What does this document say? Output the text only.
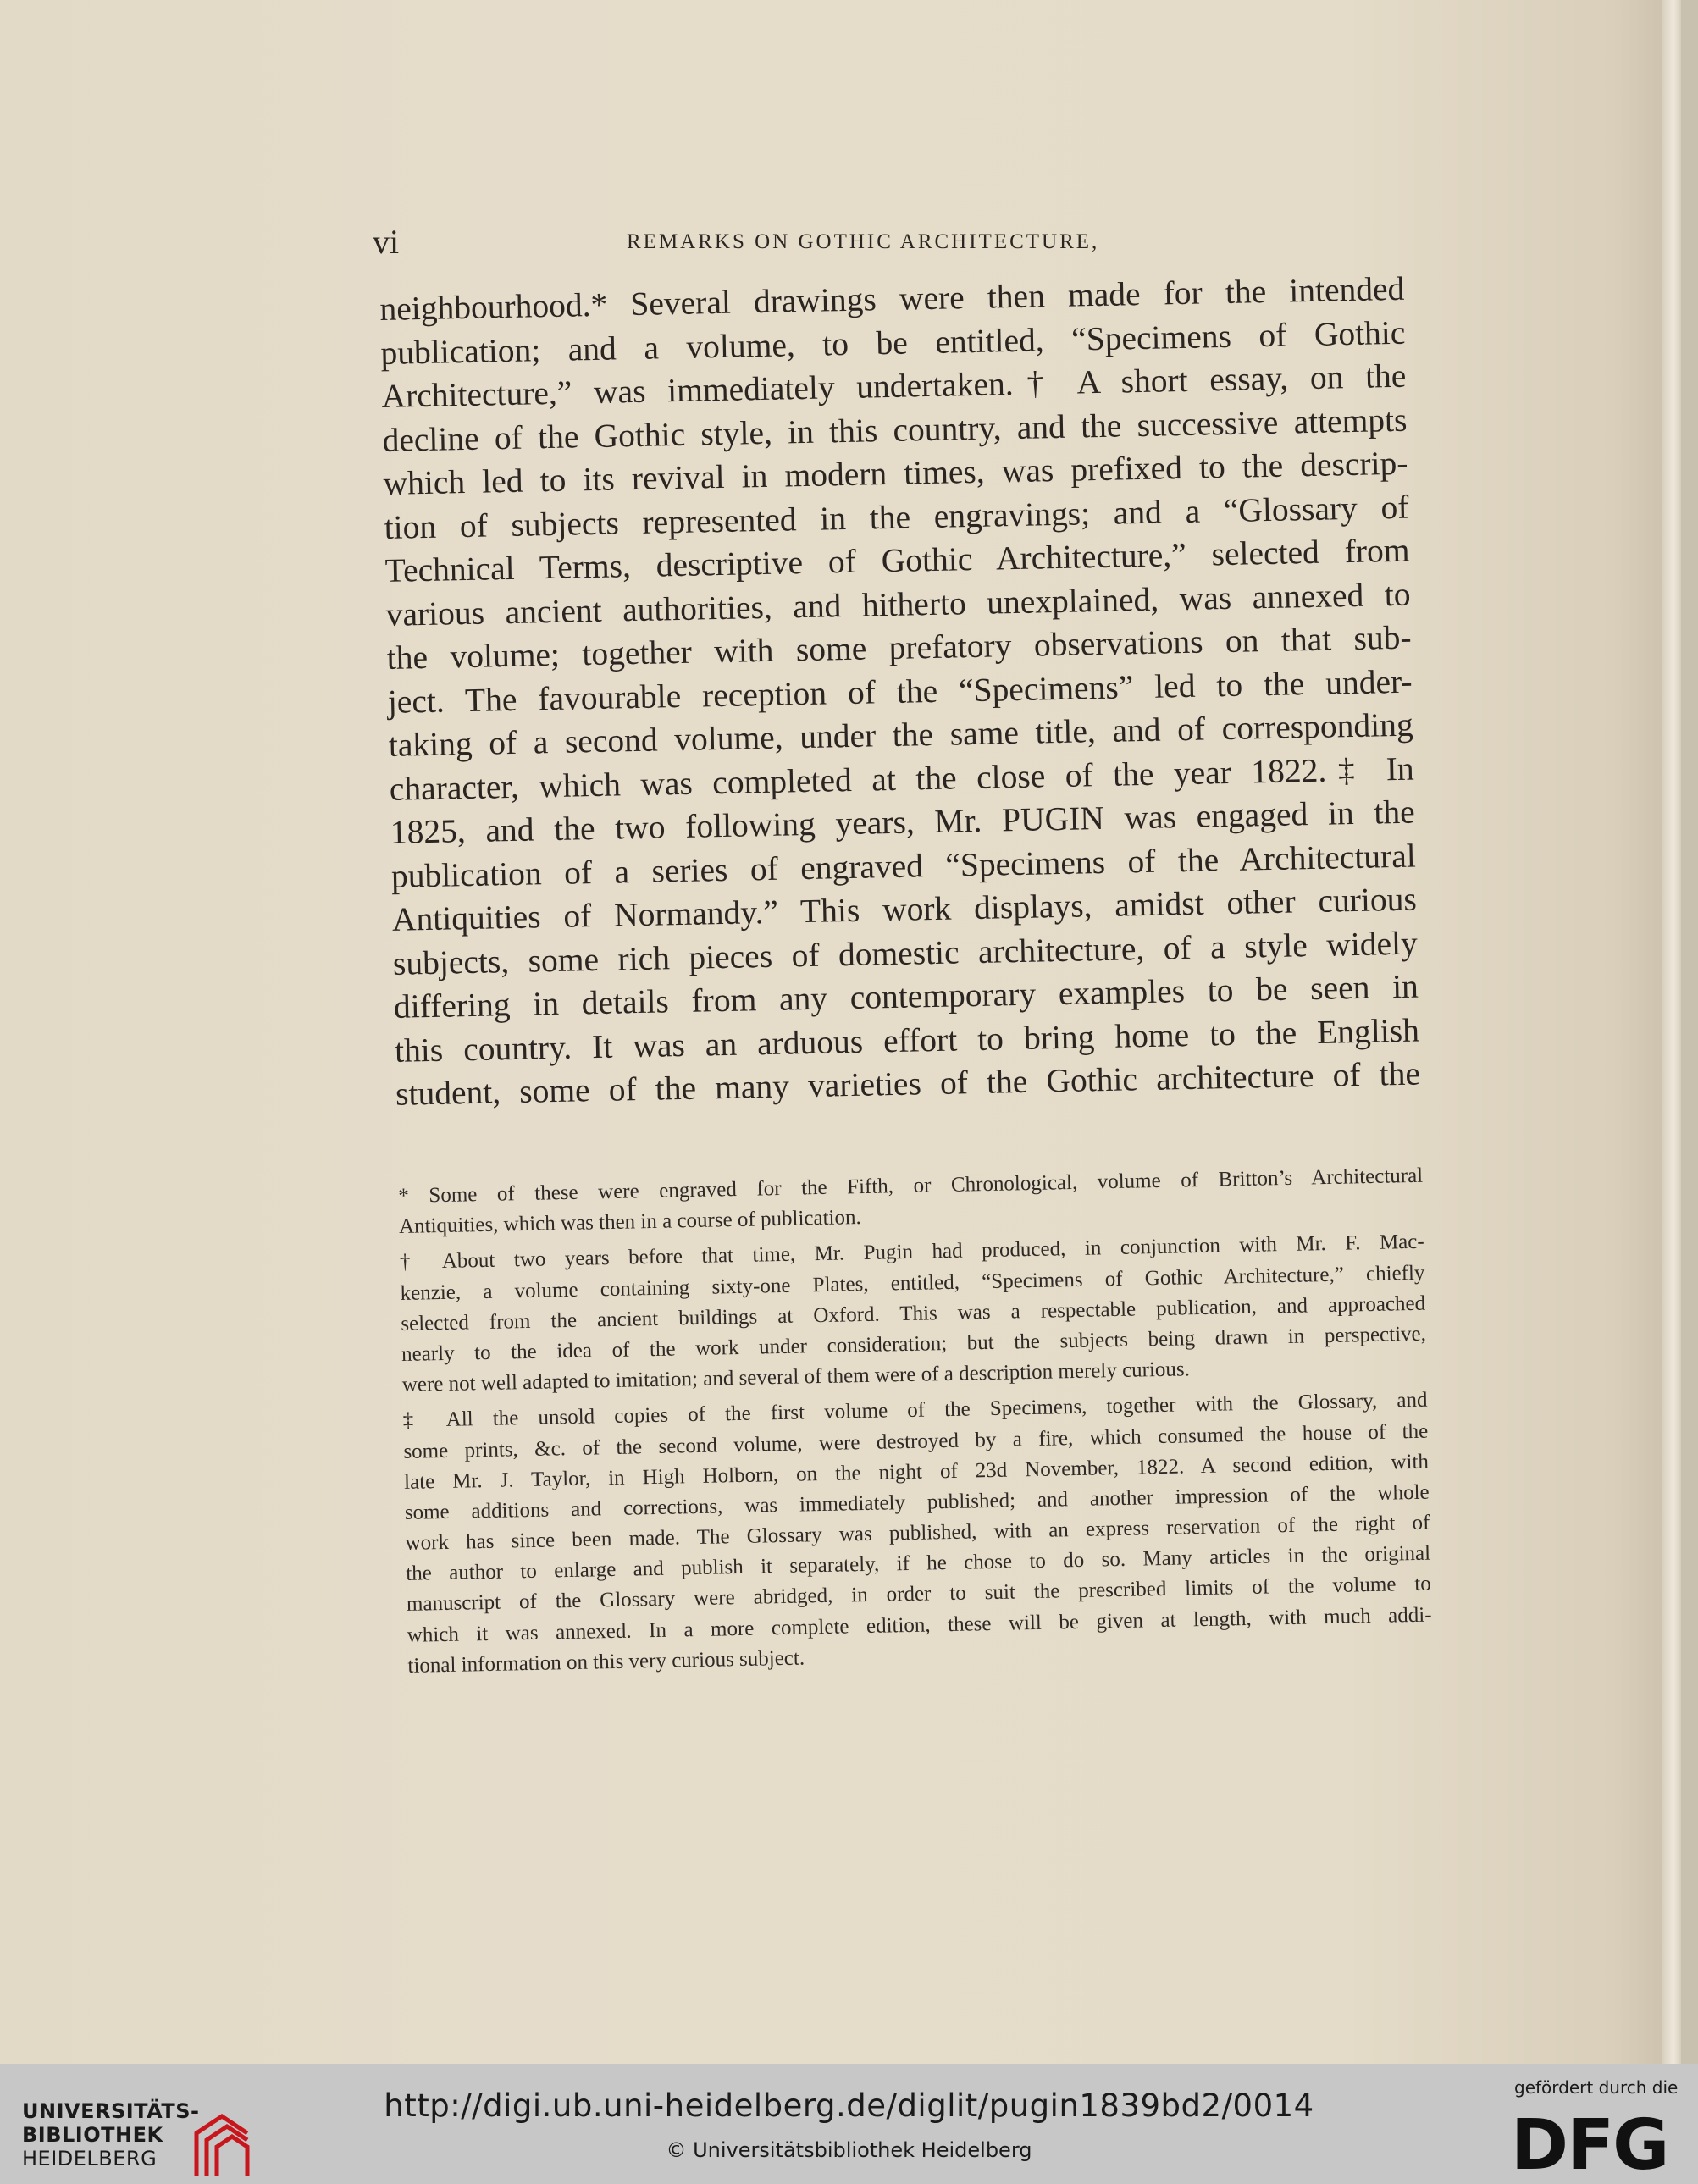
vi	REMARKS ON GOTHIC ARCHITECTURE,
neighbourhood.* Several drawings were then made for the intended
publication; and a volume, to be entitled, “Specimens of Gothic
Architecture,” was immediately undertaken.† A short essay, on the
decline of the Gothic style, in this country, and the successive attempts
which led to its revival in modern times, was prefixed to the descrip-
tion of subjects represented in the engravings; and a “Glossary of
Technical Terms, descriptive of Gothic Architecture,” selected from
various ancient authorities, and hitherto unexplained, was annexed to
the volume; together with some prefatory observations on that sub-
ject. The favourable reception of the “Specimens” led to the under-
taking of a second volume, under the same title, and of corresponding
character, which was completed at the close of the year 1822.‡ In
1825, and the two following years, Mr. PUGIN was engaged in the
publication of a series of engraved “Specimens of the Architectural
Antiquities of Normandy.” This work displays, amidst other curious
subjects, some rich pieces of domestic architecture, of a style widely
differing in details from any contemporary examples to be seen in
this country. It was an arduous effort to bring home to the English
student, some of the many varieties of the Gothic architecture of the
* Some of these were engraved for the Fifth, or Chronological, volume of Britton’s Architectural
Antiquities, which was then in a course of publication.
† About two years before that time, Mr. Pugin had produced, in conjunction with Mr. F. Mac-
kenzie, a volume containing sixty-one Plates, entitled, “Specimens of Gothic Architecture,” chiefly
selected from the ancient buildings at Oxford. This was a respectable publication, and approached
nearly to the idea of the work under consideration; but the subjects being drawn in perspective,
were not well adapted to imitation; and several of them were of a description merely curious.
‡ All the unsold copies of the first volume of the Specimens, together with the Glossary, and
some prints, &c. of the second volume, were destroyed by a fire, which consumed the house of the
late Mr. J. Taylor, in High Holborn, on the night of 23d November, 1822. A second edition, with
some additions and corrections, was immediately published; and another impression of the whole
work has since been made. The Glossary was published, with an express reservation of the right of
the author to enlarge and publish it separately, if he chose to do so. Many articles in the original
manuscript of the Glossary were abridged, in order to suit the prescribed limits of the volume to
which it was annexed. In a more complete edition, these will be given at length, with much addi-
tional information on this very curious subject.
UNIVERSITÄTS-
BIBLIOTHEK
HEIDELBERG
http://digi.ub.uni-heidelberg.de/diglit/pugin1839bd2/0014
© Universitätsbibliothek Heidelberg
gefördert durch die
DFG
